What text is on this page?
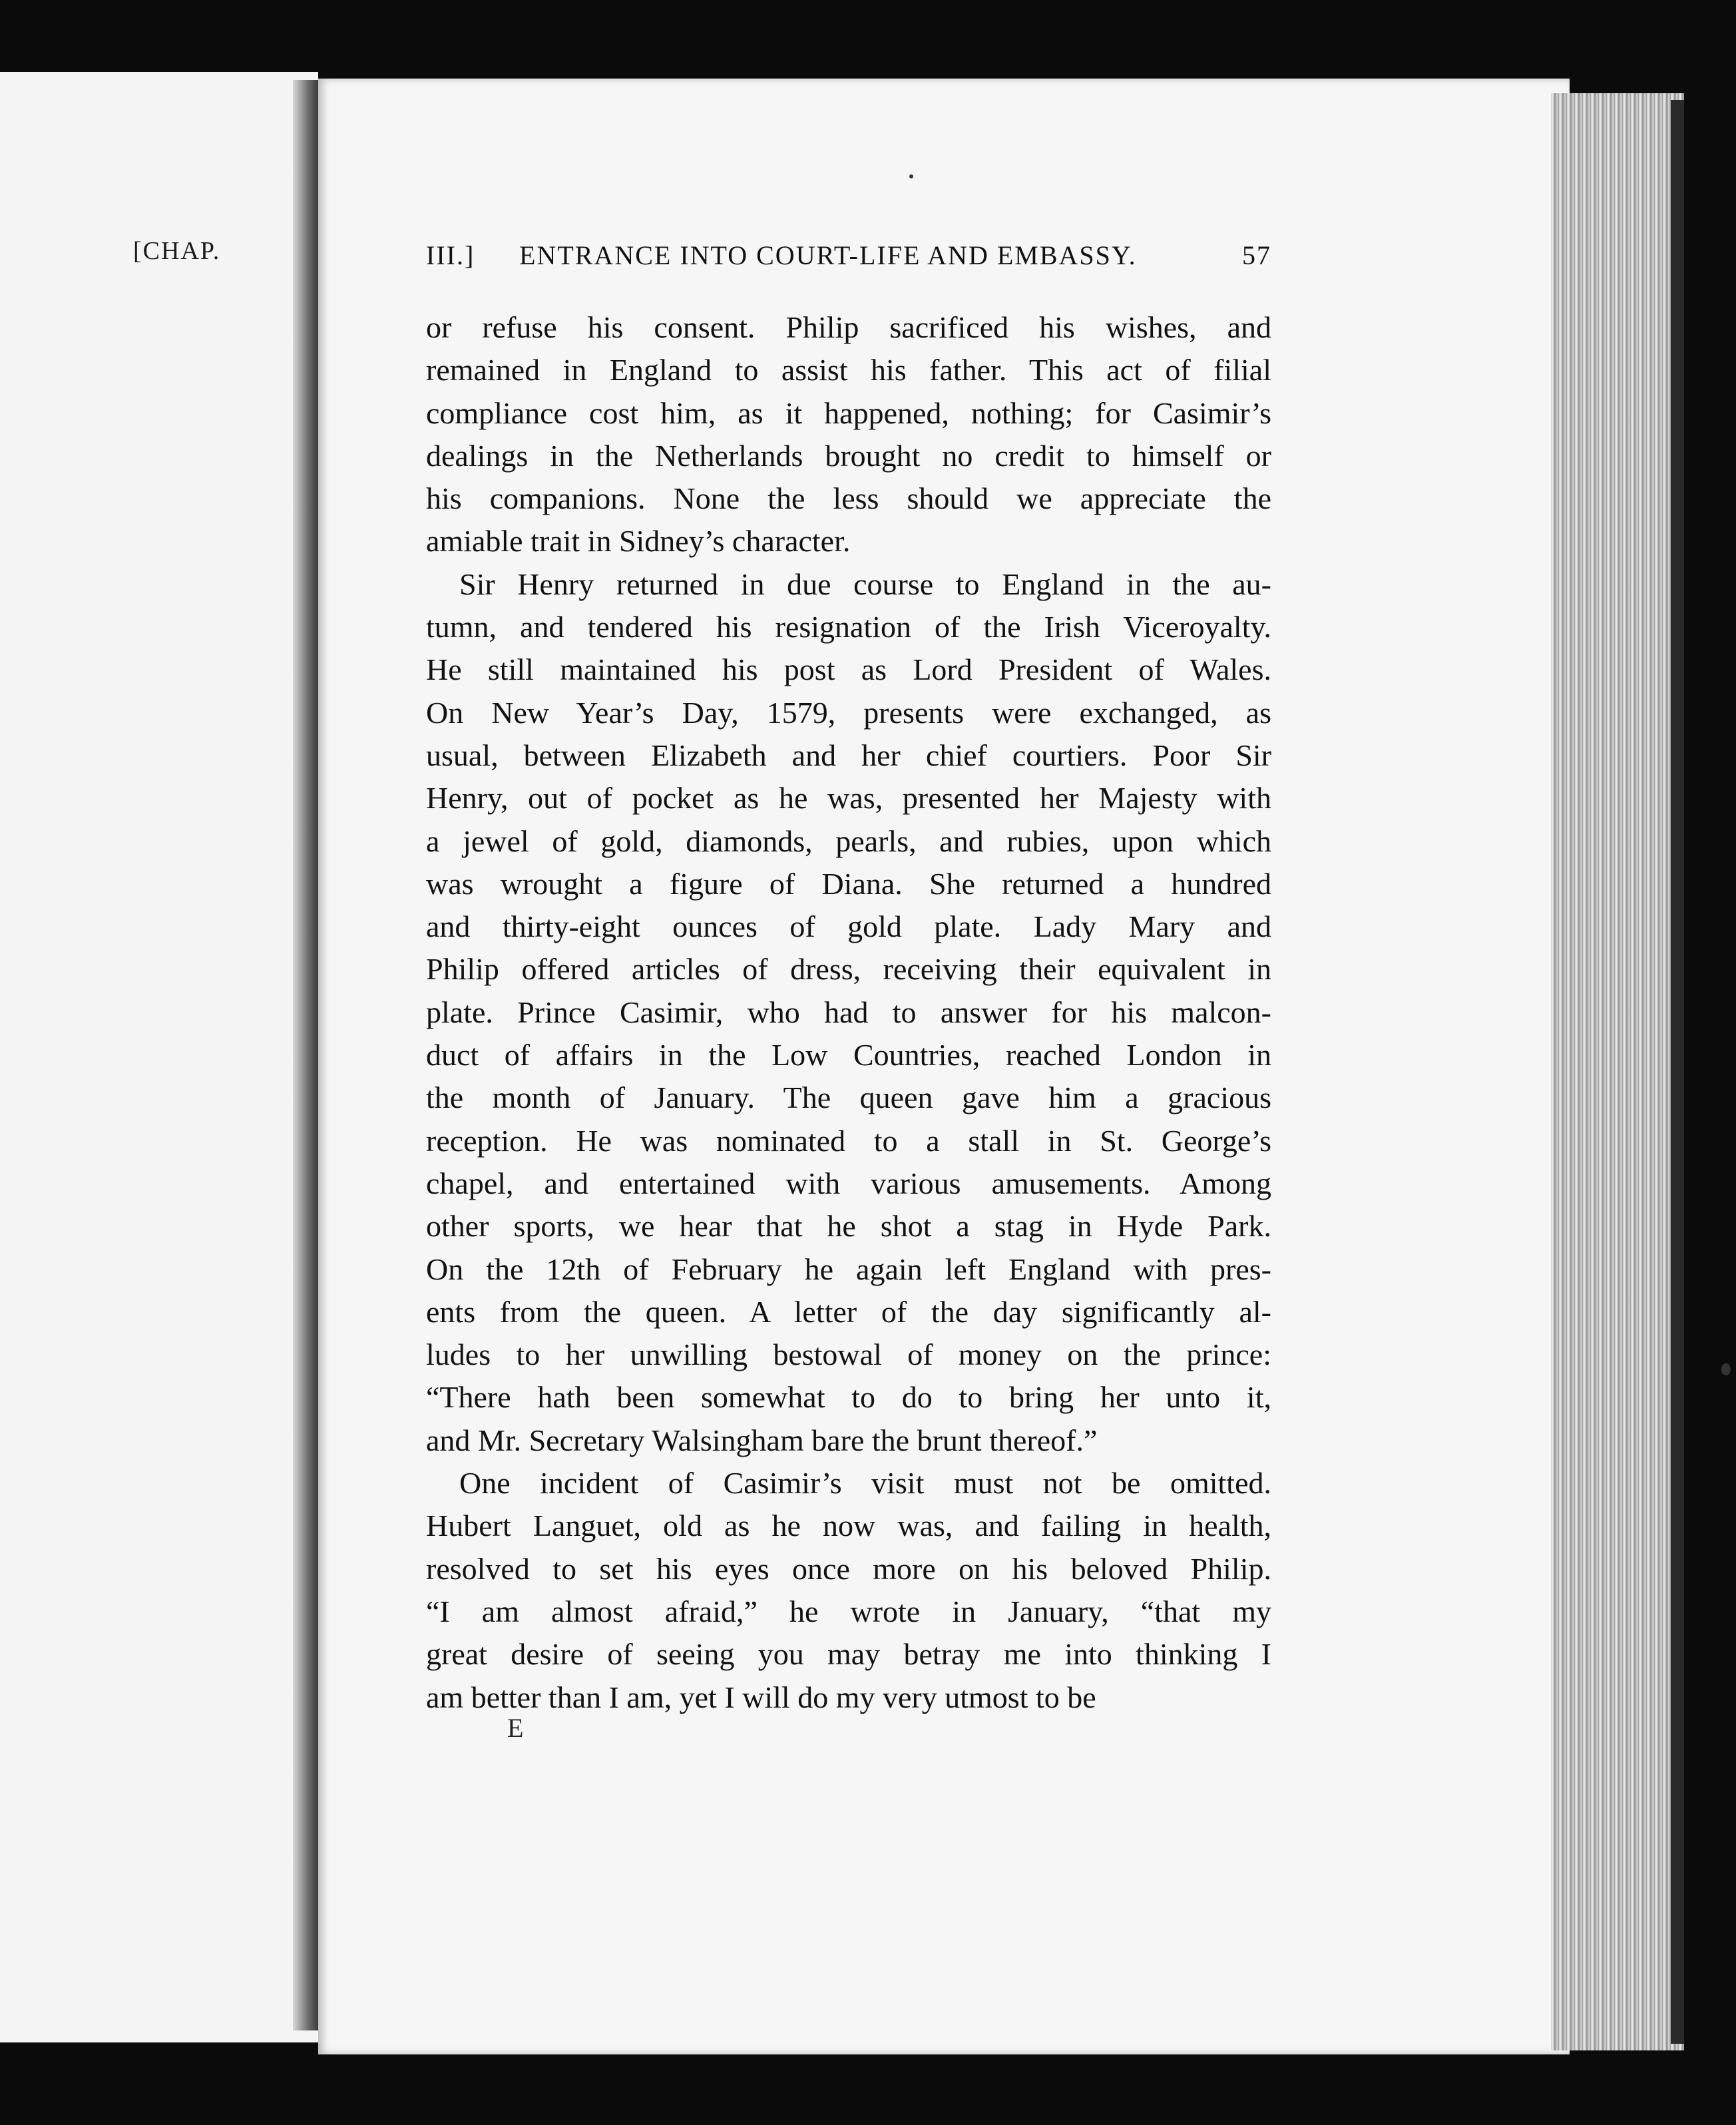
[CHAP.	III.] ENTRANCE INTO COURT-LIFE AND EMBASSY.	57
or refuse his consent. Philip sacrificed his wishes, and
remained in England to assist his father. This act of filial
compliance cost him, as it happened, nothing; for Casimir’s
dealings in the Netherlands brought no credit to himself or
his companions. None the less should we appreciate the
amiable trait in Sidney’s character.
Sir Henry returned in due course to England in the au-
tumn, and tendered his resignation of the Irish Viceroyalty.
He still maintained his post as Lord President of Wales.
On New Year’s Day, 1579, presents were exchanged, as
usual, between Elizabeth and her chief courtiers. Poor Sir
Henry, out of pocket as he was, presented her Majesty with
a jewel of gold, diamonds, pearls, and rubies, upon which
was wrought a figure of Diana. She returned a hundred
and thirty-eight ounces of gold plate. Lady Mary and
Philip offered articles of dress, receiving their equivalent in
plate. Prince Casimir, who had to answer for his malcon-
duct of affairs in the Low Countries, reached London in
the month of January. The queen gave him a gracious
reception. He was nominated to a stall in St. George’s
chapel, and entertained with various amusements. Among
other sports, we hear that he shot a stag in Hyde Park.
On the 12th of February he again left England with pres-
ents from the queen. A letter of the day significantly al-
ludes to her unwilling bestowal of money on the prince:
“There hath been somewhat to do to bring her unto it,
and Mr. Secretary Walsingham bare the brunt thereof.”
One incident of Casimir’s visit must not be omitted.
Hubert Languet, old as he now was, and failing in health,
resolved to set his eyes once more on his beloved Philip.
“I am almost afraid,” he wrote in January, “that my
great desire of seeing you may betray me into thinking I
am better than I am, yet I will do my very utmost to be
E
